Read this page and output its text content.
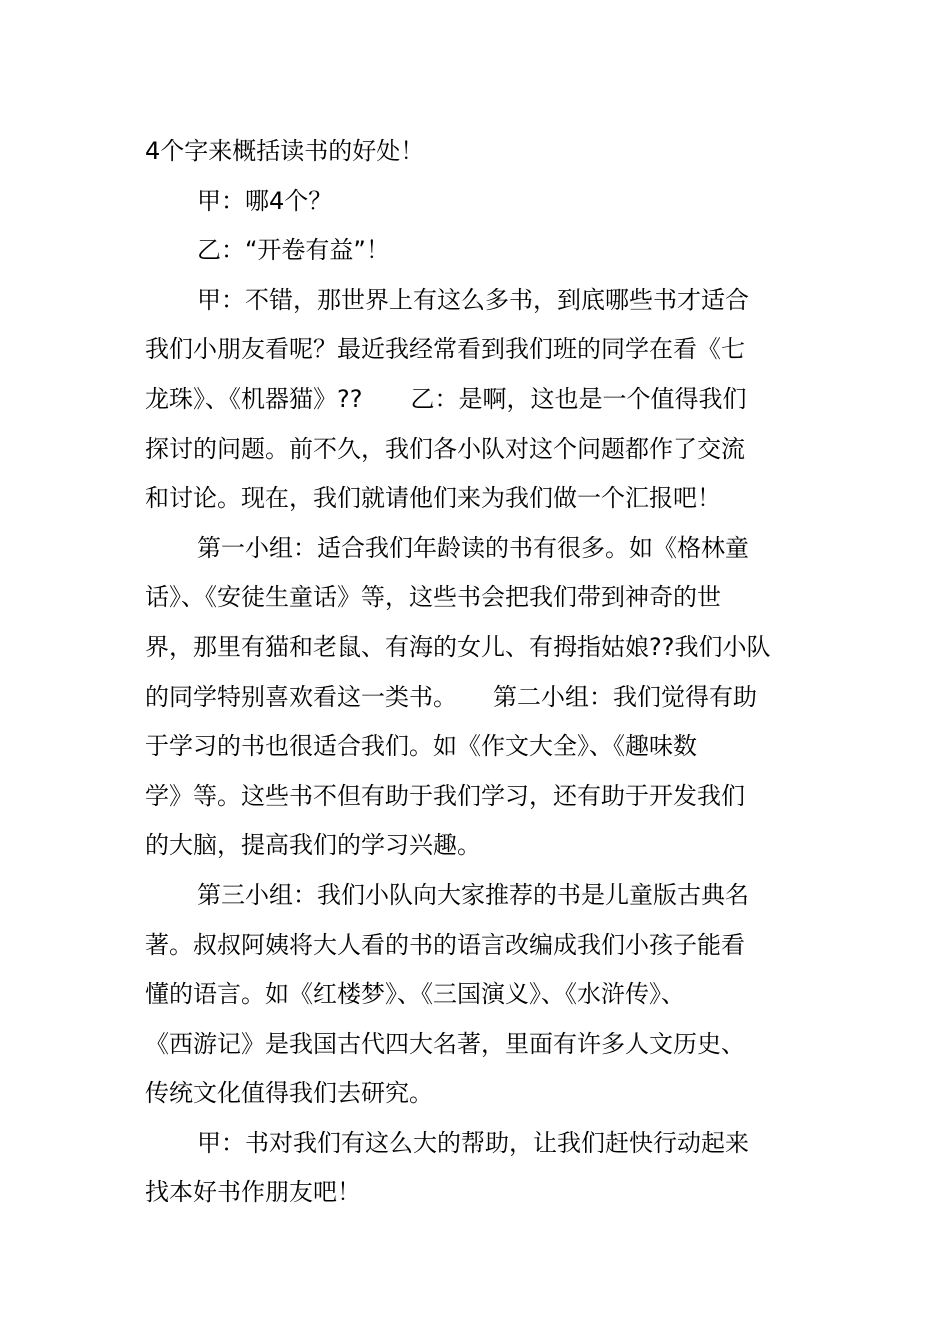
4个字来概括读书的好处！
甲：哪4个？
乙：“开卷有益”！
甲：不错，那世界上有这么多书，到底哪些书才适合
我们小朋友看呢？最近我经常看到我们班的同学在看《七
龙珠》、《机器猫》??　　乙：是啊，这也是一个值得我们
探讨的问题。前不久，我们各小队对这个问题都作了交流
和讨论。现在，我们就请他们来为我们做一个汇报吧！
第一小组：适合我们年龄读的书有很多。如《格林童
话》、《安徒生童话》等，这些书会把我们带到神奇的世
界，那里有猫和老鼠、有海的女儿、有拇指姑娘??我们小队
的同学特别喜欢看这一类书。　　第二小组：我们觉得有助
于学习的书也很适合我们。如《作文大全》、《趣味数
学》等。这些书不但有助于我们学习，还有助于开发我们
的大脑，提高我们的学习兴趣。
第三小组：我们小队向大家推荐的书是儿童版古典名
著。叔叔阿姨将大人看的书的语言改编成我们小孩子能看
懂的语言。如《红楼梦》、《三国演义》、《水浒传》、
《西游记》是我国古代四大名著，里面有许多人文历史、
传统文化值得我们去研究。
甲：书对我们有这么大的帮助，让我们赶快行动起来
找本好书作朋友吧！
